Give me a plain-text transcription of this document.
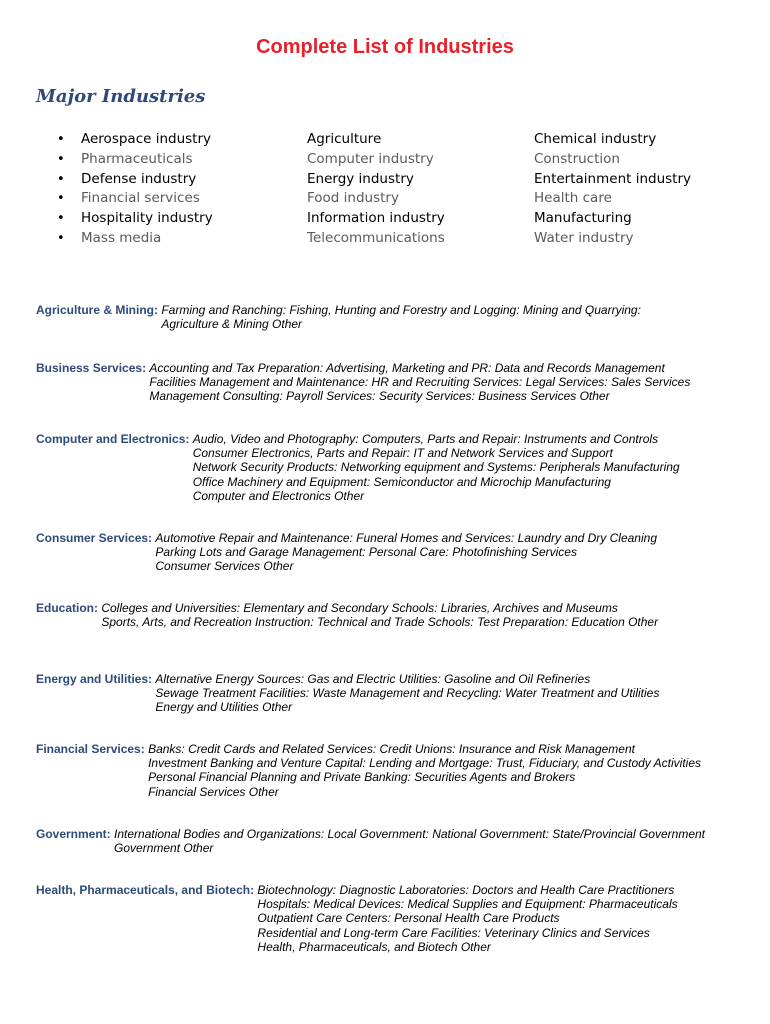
Complete List of Industries
Major Industries
• Aerospace industry
• Pharmaceuticals
• Defense industry
• Financial services
• Hospitality industry
• Mass media
Agriculture
Computer industry
Energy industry
Food industry
Information industry
Telecommunications
Chemical industry
Construction
Entertainment industry
Health care
Manufacturing
Water industry
Agriculture & Mining: Farming and Ranching: Fishing, Hunting and Forestry and Logging: Mining and Quarrying:
Agriculture & Mining Other
Business Services: Accounting and Tax Preparation: Advertising, Marketing and PR: Data and Records Management
Facilities Management and Maintenance: HR and Recruiting Services: Legal Services: Sales Services
Management Consulting: Payroll Services: Security Services: Business Services Other
Computer and Electronics: Audio, Video and Photography: Computers, Parts and Repair: Instruments and Controls
Consumer Electronics, Parts and Repair: IT and Network Services and Support
Network Security Products: Networking equipment and Systems: Peripherals Manufacturing
Office Machinery and Equipment: Semiconductor and Microchip Manufacturing
Computer and Electronics Other
Consumer Services: Automotive Repair and Maintenance: Funeral Homes and Services: Laundry and Dry Cleaning
Parking Lots and Garage Management: Personal Care: Photofinishing Services
Consumer Services Other
Education: Colleges and Universities: Elementary and Secondary Schools: Libraries, Archives and Museums
Sports, Arts, and Recreation Instruction: Technical and Trade Schools: Test Preparation: Education Other
Energy and Utilities: Alternative Energy Sources: Gas and Electric Utilities: Gasoline and Oil Refineries
Sewage Treatment Facilities: Waste Management and Recycling: Water Treatment and Utilities
Energy and Utilities Other
Financial Services: Banks: Credit Cards and Related Services: Credit Unions: Insurance and Risk Management
Investment Banking and Venture Capital: Lending and Mortgage: Trust, Fiduciary, and Custody Activities
Personal Financial Planning and Private Banking: Securities Agents and Brokers
Financial Services Other
Government: International Bodies and Organizations: Local Government: National Government: State/Provincial Government
Government Other
Health, Pharmaceuticals, and Biotech: Biotechnology: Diagnostic Laboratories: Doctors and Health Care Practitioners
Hospitals: Medical Devices: Medical Supplies and Equipment: Pharmaceuticals
Outpatient Care Centers: Personal Health Care Products
Residential and Long-term Care Facilities: Veterinary Clinics and Services
Health, Pharmaceuticals, and Biotech Other
